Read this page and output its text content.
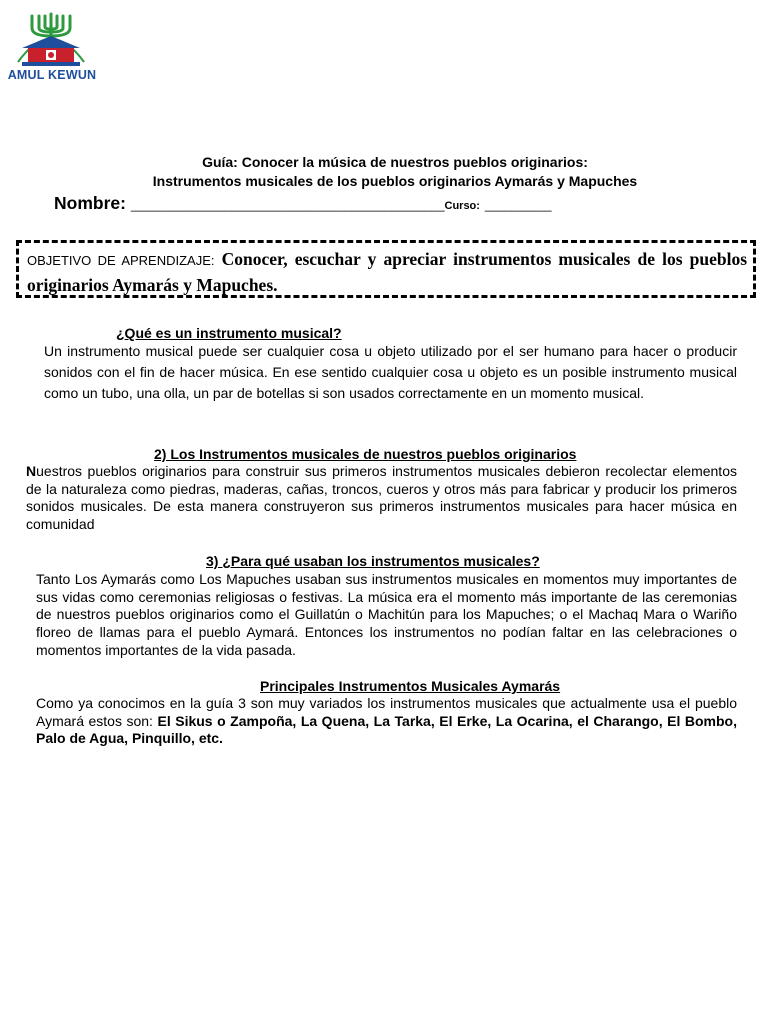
AMUL KEWUN
Guía: Conocer la música de nuestros pueblos originarios:
Instrumentos musicales de los pueblos originarios Aymarás y Mapuches
Nombre: _______________________________________________Curso: __________
OBJETIVO DE APRENDIZAJE: Conocer, escuchar y apreciar instrumentos musicales de los pueblos originarios Aymarás y Mapuches.
¿Qué es un instrumento musical?
Un instrumento musical puede ser cualquier cosa u objeto utilizado por el ser humano para hacer o producir sonidos con el fin de hacer música. En ese sentido cualquier cosa u objeto es un posible instrumento musical como un tubo, una olla, un par de botellas si son usados correctamente en un momento musical.
2) Los Instrumentos musicales de nuestros pueblos originarios
Nuestros pueblos originarios para construir sus primeros instrumentos musicales debieron recolectar elementos de la naturaleza como piedras, maderas, cañas, troncos, cueros y otros más para fabricar y producir los primeros sonidos musicales. De esta manera construyeron sus primeros instrumentos musicales para hacer música en comunidad
3) ¿Para qué usaban los instrumentos musicales?
Tanto Los Aymarás como Los Mapuches usaban sus instrumentos musicales en momentos muy importantes de sus vidas como ceremonias religiosas o festivas. La música era el momento más importante de las ceremonias de nuestros pueblos originarios como el Guillatún o Machitún para los Mapuches; o el Machaq Mara o Wariño floreo de llamas para el pueblo Aymará. Entonces los instrumentos no podían faltar en las celebraciones o momentos importantes de la vida pasada.
Principales Instrumentos Musicales Aymarás
Como ya conocimos en la guía 3 son muy variados los instrumentos musicales que actualmente usa el pueblo Aymará estos son: El Sikus o Zampoña, La Quena, La Tarka, El Erke, La Ocarina, el Charango, El Bombo, Palo de Agua, Pinquillo, etc.
